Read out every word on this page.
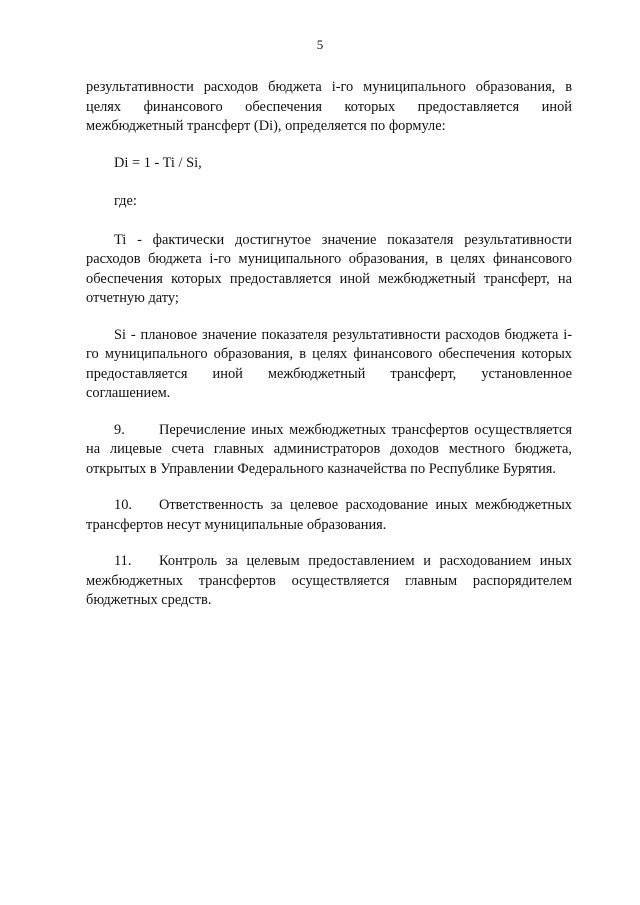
5

результативности расходов бюджета i-го муниципального образования, в целях финансового обеспечения которых предоставляется иной межбюджетный трансферт (Di), определяется по формуле:

Di = 1 - Ti / Si,

где:

Ti - фактически достигнутое значение показателя результативности расходов бюджета i-го муниципального образования, в целях финансового обеспечения которых предоставляется иной межбюджетный трансферт, на отчетную дату;

Si - плановое значение показателя результативности расходов бюджета i-го муниципального образования, в целях финансового обеспечения которых предоставляется иной межбюджетный трансферт, установленное соглашением.

9. Перечисление иных межбюджетных трансфертов осуществляется на лицевые счета главных администраторов доходов местного бюджета, открытых в Управлении Федерального казначейства по Республике Бурятия.

10. Ответственность за целевое расходование иных межбюджетных трансфертов несут муниципальные образования.

11. Контроль за целевым предоставлением и расходованием иных межбюджетных трансфертов осуществляется главным распорядителем бюджетных средств.
